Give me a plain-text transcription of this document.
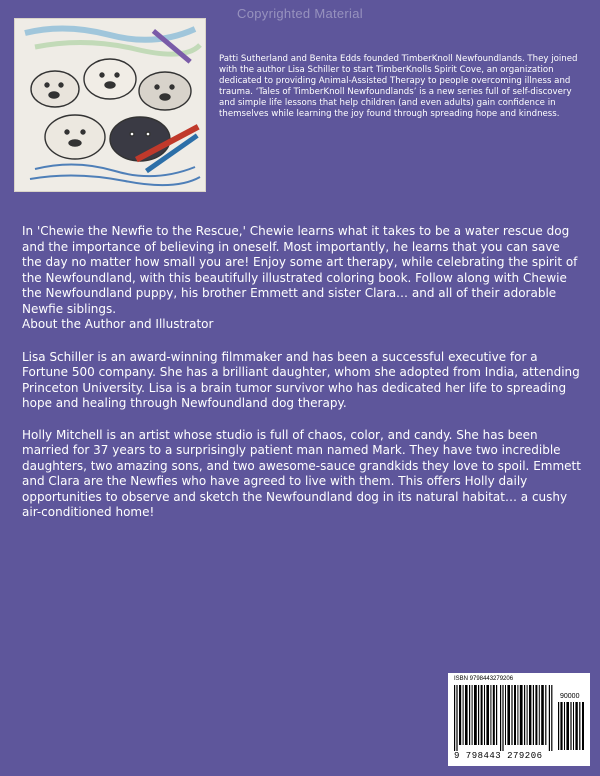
Copyrighted Material
Patti Sutherland and Benita Edds founded TimberKnoll Newfoundlands. They joined with the author Lisa Schiller to start TimberKnolls Spirit Cove, an organization dedicated to providing Animal-Assisted Therapy to people overcoming illness and trauma. ‘Tales of TimberKnoll Newfoundlands’ is a new series full of self-discovery and simple life lessons that help children (and even adults) gain confidence in themselves while learning the joy found through spreading hope and kindness.

In 'Chewie the Newfie to the Rescue,' Chewie learns what it takes to be a water rescue dog and the importance of believing in oneself. Most importantly, he learns that you can save the day no matter how small you are! Enjoy some art therapy, while celebrating the spirit of the Newfoundland, with this beautifully illustrated coloring book. Follow along with Chewie the Newfoundland puppy, his brother Emmett and sister Clara… and all of their adorable Newfie siblings.
About the Author and Illustrator

Lisa Schiller is an award-winning filmmaker and has been a successful executive for a Fortune 500 company. She has a brilliant daughter, whom she adopted from India, attending Princeton University. Lisa is a brain tumor survivor who has dedicated her life to spreading hope and healing through Newfoundland dog therapy.

Holly Mitchell is an artist whose studio is full of chaos, color, and candy. She has been married for 37 years to a surprisingly patient man named Mark. They have two incredible daughters, two amazing sons, and two awesome-sauce grandkids they love to spoil. Emmett and Clara are the Newfies who have agreed to live with them. This offers Holly daily opportunities to observe and sketch the Newfoundland dog in its natural habitat… a cushy air-conditioned home!

ISBN 9798443279206
90000
9 798443 279206
